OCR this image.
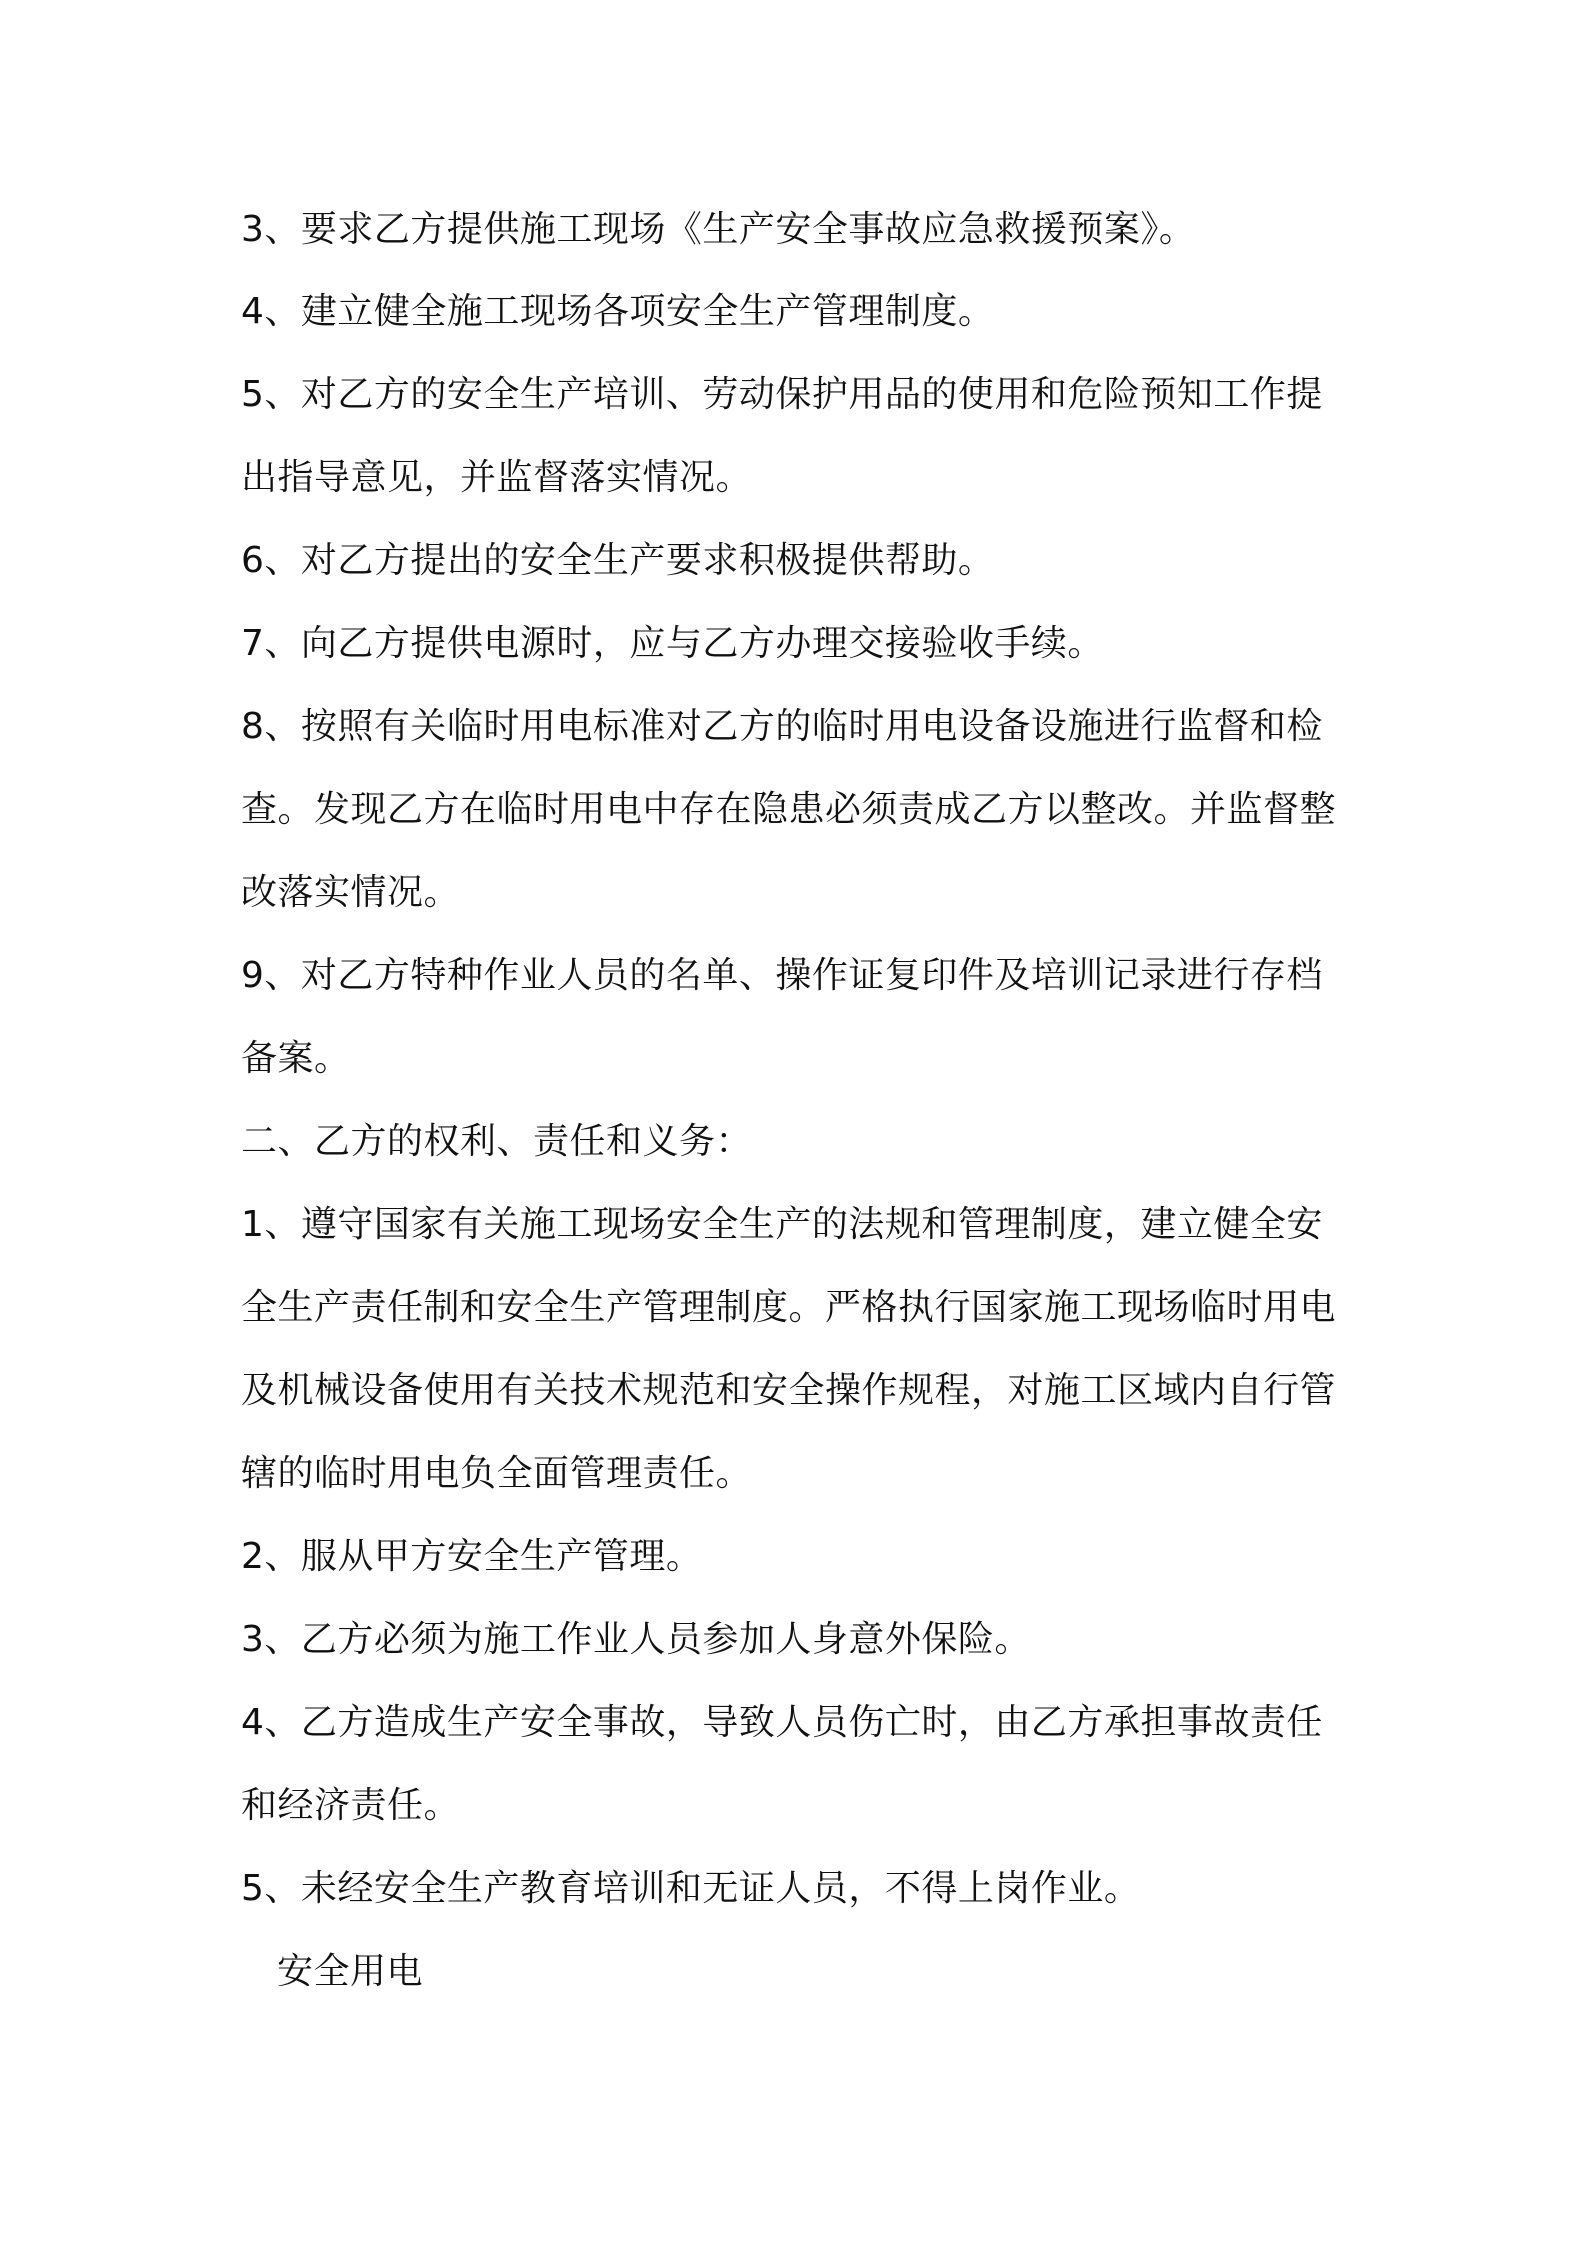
3、要求乙方提供施工现场《生产安全事故应急救援预案》。

4、建立健全施工现场各项安全生产管理制度。

5、对乙方的安全生产培训、劳动保护用品的使用和危险预知工作提

出指导意见，并监督落实情况。

6、对乙方提出的安全生产要求积极提供帮助。

7、向乙方提供电源时，应与乙方办理交接验收手续。

8、按照有关临时用电标准对乙方的临时用电设备设施进行监督和检

查。发现乙方在临时用电中存在隐患必须责成乙方以整改。并监督整

改落实情况。

9、对乙方特种作业人员的名单、操作证复印件及培训记录进行存档

备案。

二、乙方的权利、责任和义务：

1、遵守国家有关施工现场安全生产的法规和管理制度，建立健全安

全生产责任制和安全生产管理制度。严格执行国家施工现场临时用电

及机械设备使用有关技术规范和安全操作规程，对施工区域内自行管

辖的临时用电负全面管理责任。

2、服从甲方安全生产管理。

3、乙方必须为施工作业人员参加人身意外保险。

4、乙方造成生产安全事故，导致人员伤亡时，由乙方承担事故责任

和经济责任。

5、未经安全生产教育培训和无证人员，不得上岗作业。

安全用电
